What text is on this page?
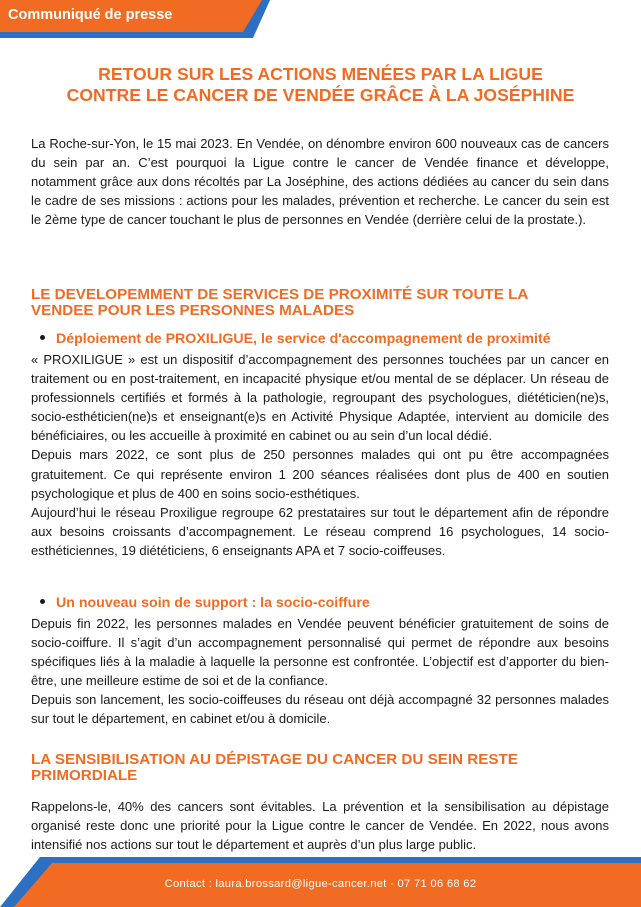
Communiqué de presse
RETOUR SUR LES ACTIONS MENÉES PAR LA LIGUE
CONTRE LE CANCER DE VENDÉE GRÂCE À LA JOSÉPHINE
La Roche-sur-Yon, le 15 mai 2023. En Vendée, on dénombre environ 600 nouveaux cas de cancers du sein par an. C’est pourquoi la Ligue contre le cancer de Vendée finance et développe, notamment grâce aux dons récoltés par La Joséphine, des actions dédiées au cancer du sein dans le cadre de ses missions : actions pour les malades, prévention et recherche. Le cancer du sein est le 2ème type de cancer touchant le plus de personnes en Vendée (derrière celui de la prostate.).
LE DEVELOPEMMENT DE SERVICES DE PROXIMITÉ SUR TOUTE LA
VENDEE POUR LES PERSONNES MALADES
Déploiement de PROXILIGUE, le service d'accompagnement de proximité

« PROXILIGUE » est un dispositif d’accompagnement des personnes touchées par un cancer en traitement ou en post-traitement, en incapacité physique et/ou mental de se déplacer. Un réseau de professionnels certifiés et formés à la pathologie, regroupant des psychologues, diététicien(ne)s, socio-esthéticien(ne)s et enseignant(e)s en Activité Physique Adaptée, intervient au domicile des bénéficiaires, ou les accueille à proximité en cabinet ou au sein d’un local dédié.

Depuis mars 2022, ce sont plus de 250 personnes malades qui ont pu être accompagnées gratuitement. Ce qui représente environ 1 200 séances réalisées dont plus de 400 en soutien psychologique et plus de 400 en soins socio-esthétiques.

Aujourd’hui le réseau Proxiligue regroupe 62 prestataires sur tout le département afin de répondre aux besoins croissants d’accompagnement. Le réseau comprend 16 psychologues, 14 socio-esthéticiennes, 19 diététiciens, 6 enseignants APA et 7 socio-coiffeuses.

Un nouveau soin de support : la socio-coiffure

Depuis fin 2022, les personnes malades en Vendée peuvent bénéficier gratuitement de soins de socio-coiffure. Il s’agit d’un accompagnement personnalisé qui permet de répondre aux besoins spécifiques liés à la maladie à laquelle la personne est confrontée. L’objectif est d’apporter du bien-être, une meilleure estime de soi et de la confiance.

Depuis son lancement, les socio-coiffeuses du réseau ont déjà accompagné 32 personnes malades sur tout le département, en cabinet et/ou à domicile.

LA SENSIBILISATION AU DÉPISTAGE DU CANCER DU SEIN RESTE
PRIMORDIALE
Rappelons-le, 40% des cancers sont évitables. La prévention et la sensibilisation au dépistage organisé reste donc une priorité pour la Ligue contre le cancer de Vendée. En 2022, nous avons intensifié nos actions sur tout le département et auprès d’un plus large public.
Contact : laura.brossard@ligue-cancer.net · 07 71 06 68 62
